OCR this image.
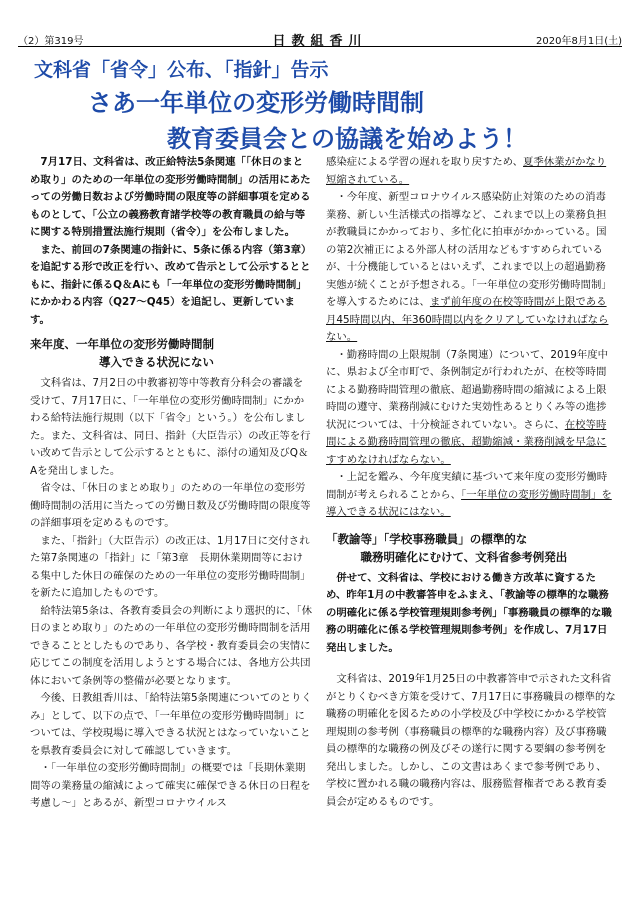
（2）第319号	日教組香川	2020年8月1日(土)
文科省「省令」公布、「指針」告示
さあ一年単位の変形労働時間制
教育委員会との協議を始めよう！

7月17日、文科省は、改正給特法5条関連「「休日のまとめ取り」のための一年単位の変形労働時間制」の活用にあたっての労働日数および労働時間の限度等の詳細事項を定めるものとして、「公立の義務教育諸学校等の教育職員の給与等に関する特別措置法施行規則（省令）」を公布しました。

また、前回の7条関連の指針に、5条に係る内容（第3章）を追記する形で改正を行い、改めて告示として公示するとともに、指針に係るQ＆Aにも「一年単位の変形労働時間制」にかかわる内容（Q27〜Q45）を追記し、更新しています。

来年度、一年単位の変形労働時間制
導入できる状況にない

文科省は、7月2日の中教審初等中等教育分科会の審議を受けて、7月17日に、「一年単位の変形労働時間制」にかかわる給特法施行規則（以下「省令」という。）を公布しました。また、文科省は、同日、指針（大臣告示）の改正等を行い改めて告示として公示するとともに、添付の通知及びQ＆Aを発出しました。

省令は、「休日のまとめ取り」のための一年単位の変形労働時間制の活用に当たっての労働日数及び労働時間の限度等の詳細事項を定めるものです。

また、「指針」（大臣告示）の改正は、1月17日に交付された第7条関連の「指針」に「第3章　長期休業期間等における集中した休日の確保のための一年単位の変形労働時間制」を新たに追加したものです。

給特法第5条は、各教育委員会の判断により選択的に、「休日のまとめ取り」のための一年単位の変形労働時間制を活用できることとしたものであり、各学校・教育委員会の実情に応じてこの制度を活用しようとする場合には、各地方公共団体において条例等の整備が必要となります。

今後、日教組香川は、「給特法第5条関連についてのとりくみ」として、以下の点で、「一年単位の変形労働時間制」については、学校現場に導入できる状況とはなっていないことを県教育委員会に対して確認していきます。

・「一年単位の変形労働時間制」の概要では「長期休業期間等の業務量の縮減によって確実に確保できる休日の日程を考慮し〜」とあるが、新型コロナウイルス

感染症による学習の遅れを取り戻すため、夏季休業がかなり短縮されている。

・今年度、新型コロナウイルス感染防止対策のための消毒業務、新しい生活様式の指導など、これまで以上の業務負担が教職員にかかっており、多忙化に拍車がかかっている。国の第2次補正による外部人材の活用などもすすめられているが、十分機能しているとはいえず、これまで以上の超過勤務実態が続くことが予想される。「一年単位の変形労働時間制」を導入するためには、まず前年度の在校等時間が上限である月45時間以内、年360時間以内をクリアしていなければならない。

・勤務時間の上限規制（7条関連）について、2019年度中に、県および全市町で、条例制定が行われたが、在校等時間による勤務時間管理の徹底、超過勤務時間の縮減による上限時間の遵守、業務削減にむけた実効性あるとりくみ等の進捗状況については、十分検証されていない。さらに、在校等時間による勤務時間管理の徹底、超勤縮減・業務削減を早急にすすめなければならない。

・上記を鑑み、今年度実績に基づいて来年度の変形労働時間制が考えられることから、「一年単位の変形労働時間制」を導入できる状況にはない。

「教諭等」「学校事務職員」の標準的な
職務明確化にむけて、文科省参考例発出

併せて、文科省は、学校における働き方改革に資するため、昨年1月の中教審答申をふまえ、「教諭等の標準的な職務の明確化に係る学校管理規則参考例」「事務職員の標準的な職務の明確化に係る学校管理規則参考例」を作成し、7月17日発出しました。

文科省は、2019年1月25日の中教審答申で示された文科省がとりくむべき方策を受けて、7月17日に事務職員の標準的な職務の明確化を図るための小学校及び中学校にかかる学校管理規則の参考例（事務職員の標準的な職務内容）及び事務職員の標準的な職務の例及びその遂行に関する要綱の参考例を発出しました。しかし、この文書はあくまで参考例であり、学校に置かれる職の職務内容は、服務監督権者である教育委員会が定めるものです。
